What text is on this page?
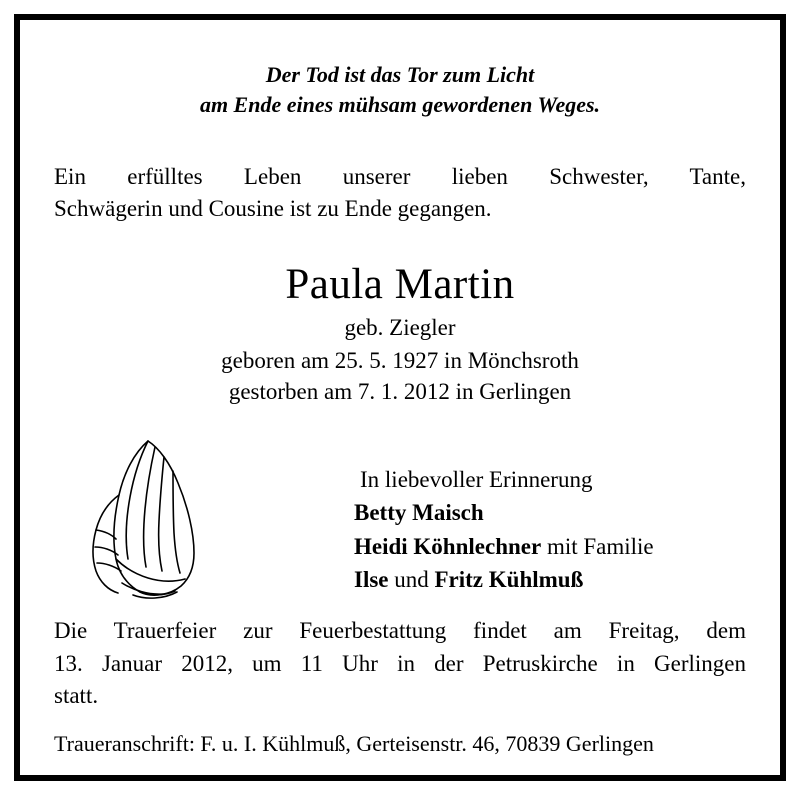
Der Tod ist das Tor zum Licht
am Ende eines mühsam gewordenen Weges.
Ein erfülltes Leben unserer lieben Schwester, Tante,
Schwägerin und Cousine ist zu Ende gegangen.
Paula Martin
geb. Ziegler
geboren am 25. 5. 1927 in Mönchsroth
gestorben am 7. 1. 2012 in Gerlingen
In liebevoller Erinnerung
Betty Maisch
Heidi Köhnlechner mit Familie
Ilse und Fritz Kühlmuß
Die Trauerfeier zur Feuerbestattung findet am Freitag, dem
13. Januar 2012, um 11 Uhr in der Petruskirche in Gerlingen
statt.
Traueranschrift: F. u. I. Kühlmuß, Gerteisenstr. 46, 70839 Gerlingen
